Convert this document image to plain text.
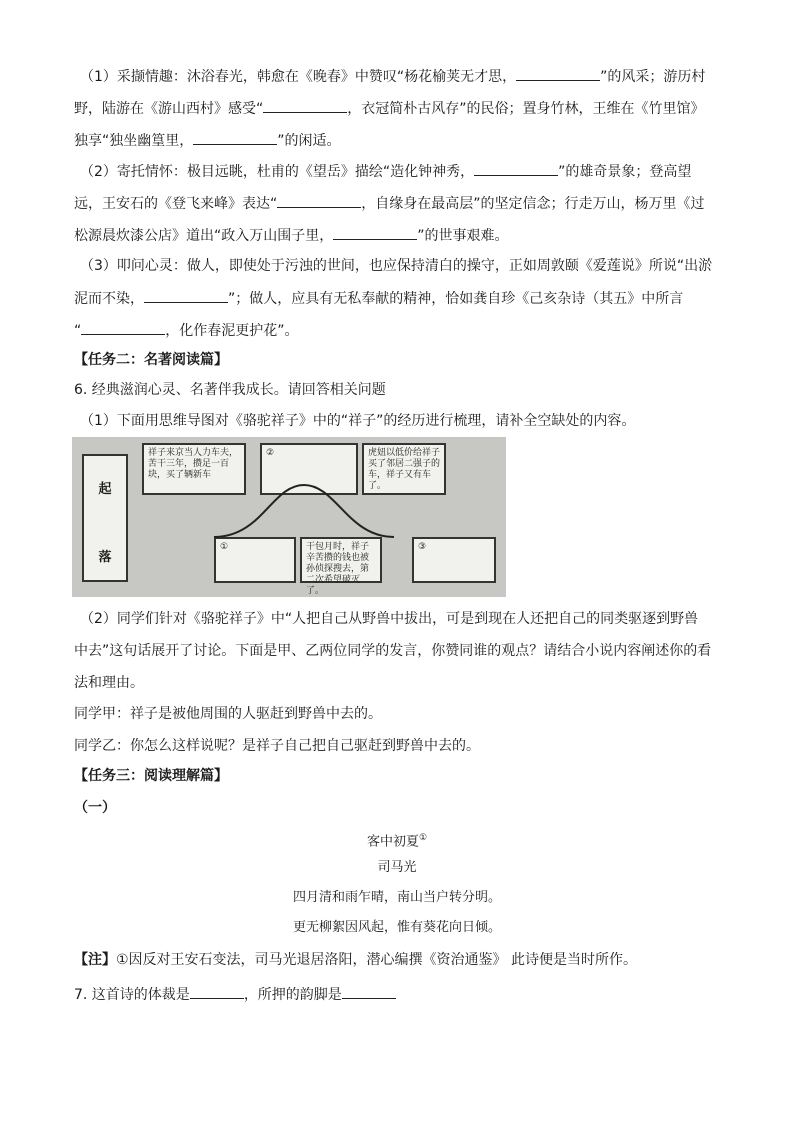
（1）采撷情趣：沐浴春光，韩愈在《晚春》中赞叹“杨花榆荚无才思，	”的风采；游历村
野，陆游在《游山西村》感受“	，衣冠简朴古风存”的民俗；置身竹林，王维在《竹里馆》
独享“独坐幽篁里，	”的闲适。
（2）寄托情怀：极目远眺，杜甫的《望岳》描绘“造化钟神秀，	”的雄奇景象；登高望
远，王安石的《登飞来峰》表达“	，自缘身在最高层”的坚定信念；行走万山，杨万里《过
松源晨炊漆公店》道出“政入万山围子里，	”的世事艰难。
（3）叩问心灵：做人，即使处于污浊的世间，也应保持清白的操守，正如周敦颐《爱莲说》所说“出淤
泥而不染，	”；做人，应具有无私奉献的精神，恰如龚自珍《己亥杂诗（其五》中所言
“	，化作春泥更护花”。
【任务二：名著阅读篇】
6. 经典滋润心灵、名著伴我成长。请回答相关问题
（1）下面用思维导图对《骆驼祥子》中的“祥子”的经历进行梳理，请补全空缺处的内容。
起
落
祥子来京当人力车夫，苦干三年，攒足一百块，买了辆新车
②	虎妞以低价给祥子买了邻居二强子的车，祥子又有车了。
①	干包月时，祥子辛苦攒的钱也被孙侦探搜去，第二次希望破灭了。
③
（2）同学们针对《骆驼祥子》中“人把自己从野兽中拔出，可是到现在人还把自己的同类驱逐到野兽
中去”这句话展开了讨论。下面是甲、乙两位同学的发言，你赞同谁的观点？请结合小说内容阐述你的看
法和理由。
同学甲：祥子是被他周围的人驱赶到野兽中去的。
同学乙：你怎么这样说呢？是祥子自己把自己驱赶到野兽中去的。
【任务三：阅读理解篇】
（一）
客中初夏①
司马光
四月清和雨乍晴，南山当户转分明。
更无柳絮因风起，惟有葵花向日倾。
【注】①因反对王安石变法，司马光退居洛阳，潜心编撰《资治通鉴》 此诗便是当时所作。
7. 这首诗的体裁是	，所押的韵脚是
